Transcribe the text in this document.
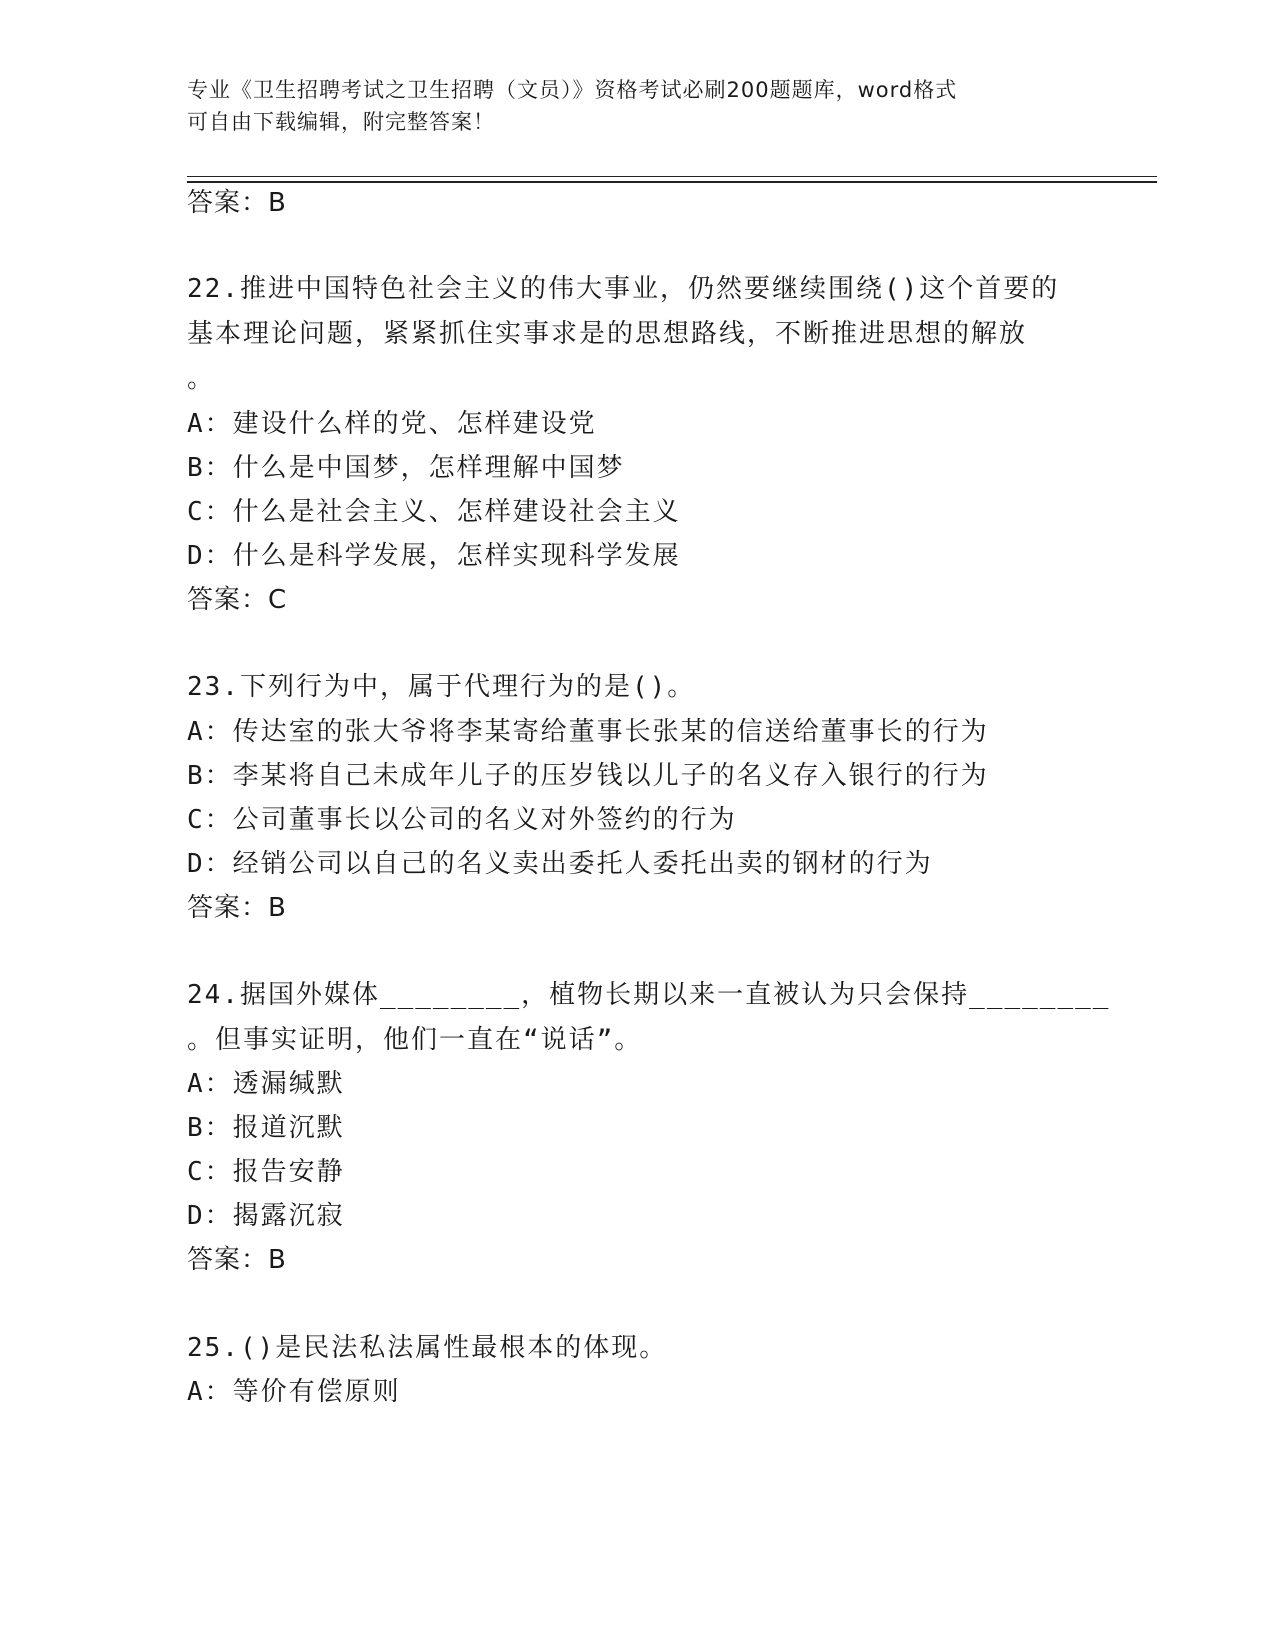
专业《卫生招聘考试之卫生招聘（文员）》资格考试必刷200题题库，word格式
可自由下载编辑，附完整答案！
答案：B
22.推进中国特色社会主义的伟大事业，仍然要继续围绕()这个首要的
基本理论问题，紧紧抓住实事求是的思想路线，不断推进思想的解放
。
A：建设什么样的党、怎样建设党
B：什么是中国梦，怎样理解中国梦
C：什么是社会主义、怎样建设社会主义
D：什么是科学发展，怎样实现科学发展
答案：C
23.下列行为中，属于代理行为的是()。
A：传达室的张大爷将李某寄给董事长张某的信送给董事长的行为
B：李某将自己未成年儿子的压岁钱以儿子的名义存入银行的行为
C：公司董事长以公司的名义对外签约的行为
D：经销公司以自己的名义卖出委托人委托出卖的钢材的行为
答案：B
24.据国外媒体________，植物长期以来一直被认为只会保持________
。但事实证明，他们一直在“说话”。
A：透漏缄默
B：报道沉默
C：报告安静
D：揭露沉寂
答案：B
25.()是民法私法属性最根本的体现。
A：等价有偿原则
